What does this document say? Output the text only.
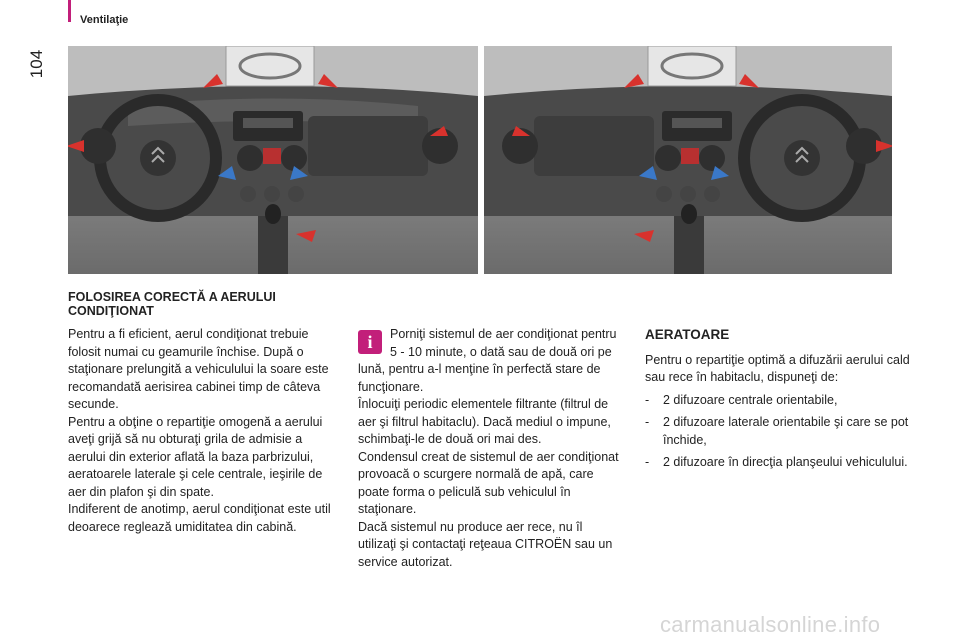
104
Ventilaţie
FOLOSIREA CORECTĂ A AERULUI CONDIŢIONAT

Pentru a fi eficient, aerul condiţionat trebuie folosit numai cu geamurile închise. După o staţionare prelungită a vehiculului la soare este recomandată aerisirea cabinei timp de câteva secunde.

Pentru a obţine o repartiţie omogenă a aerului aveţi grijă să nu obturaţi grila de admisie a aerului din exterior aflată la baza parbrizului, aeratoarele laterale şi cele centrale, ieşirile de aer din plafon şi din spate.

Indiferent de anotimp, aerul condiţionat este util deoarece reglează umiditatea din cabină.

i	Porniţi sistemul de aer condiţionat pentru 5 - 10 minute, o dată sau de două ori pe lună, pentru a-l menţine în perfectă stare de funcţionare.

Înlocuiţi periodic elementele filtrante (filtrul de aer şi filtrul habitaclu). Dacă mediul o impune, schimbaţi-le de două ori mai des.

Condensul creat de sistemul de aer condiţionat provoacă o scurgere normală de apă, care poate forma o peliculă sub vehiculul în staţionare.

Dacă sistemul nu produce aer rece, nu îl utilizaţi şi contactaţi reţeaua CITROËN sau un service autorizat.

AERATOARE

Pentru o repartiţie optimă a difuzării aerului cald sau rece în habitaclu, dispuneţi de:

-	2 difuzoare centrale orientabile,

-	2 difuzoare laterale orientabile şi care se pot închide,

-	2 difuzoare în direcţia planşeului vehiculului.

carmanualsonline.info
